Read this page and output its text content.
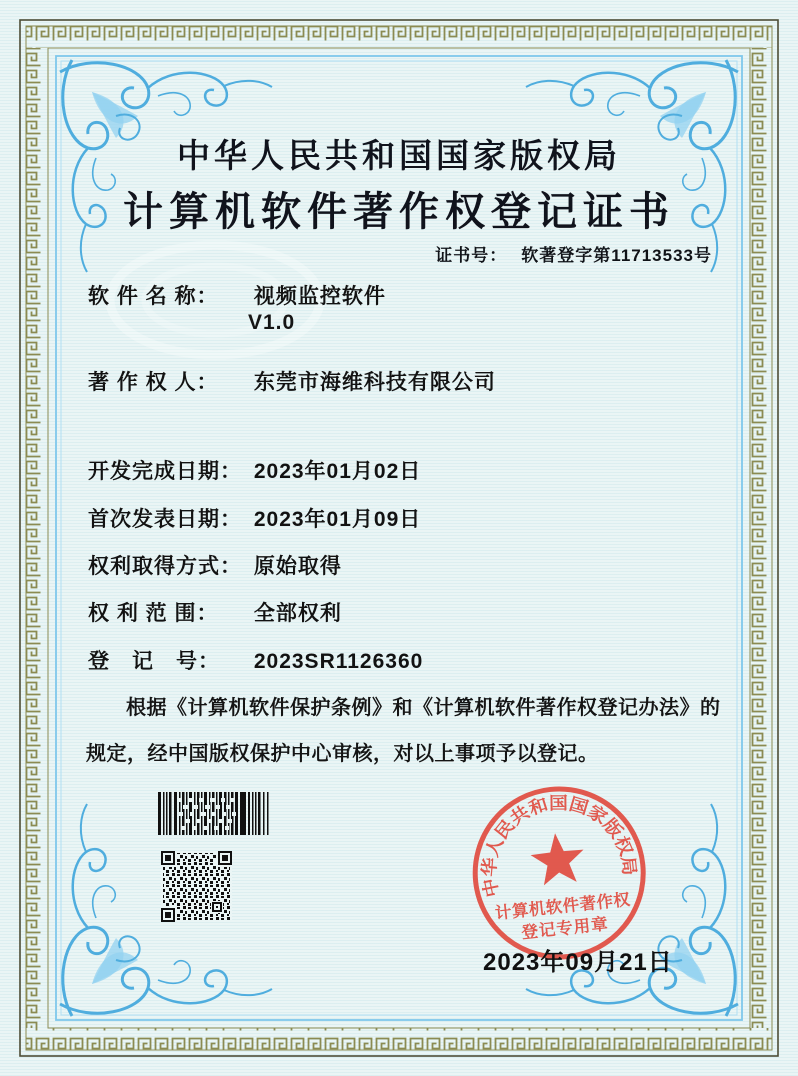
中华人民共和国国家版权局
计算机软件著作权登记证书
证书号： 软著登字第11713533号
软 件 名 称： 视频监控软件
V1.0
著 作 权 人： 东莞市海维科技有限公司
开发完成日期： 2023年01月02日
首次发表日期： 2023年01月09日
权利取得方式： 原始取得
权 利 范 围： 全部权利
登　记　号： 2023SR1126360
根据《计算机软件保护条例》和《计算机软件著作权登记办法》的
规定，经中国版权保护中心审核，对以上事项予以登记。
中华人民共和国国家版权局
计算机软件著作权
登记专用章
2023年09月21日
